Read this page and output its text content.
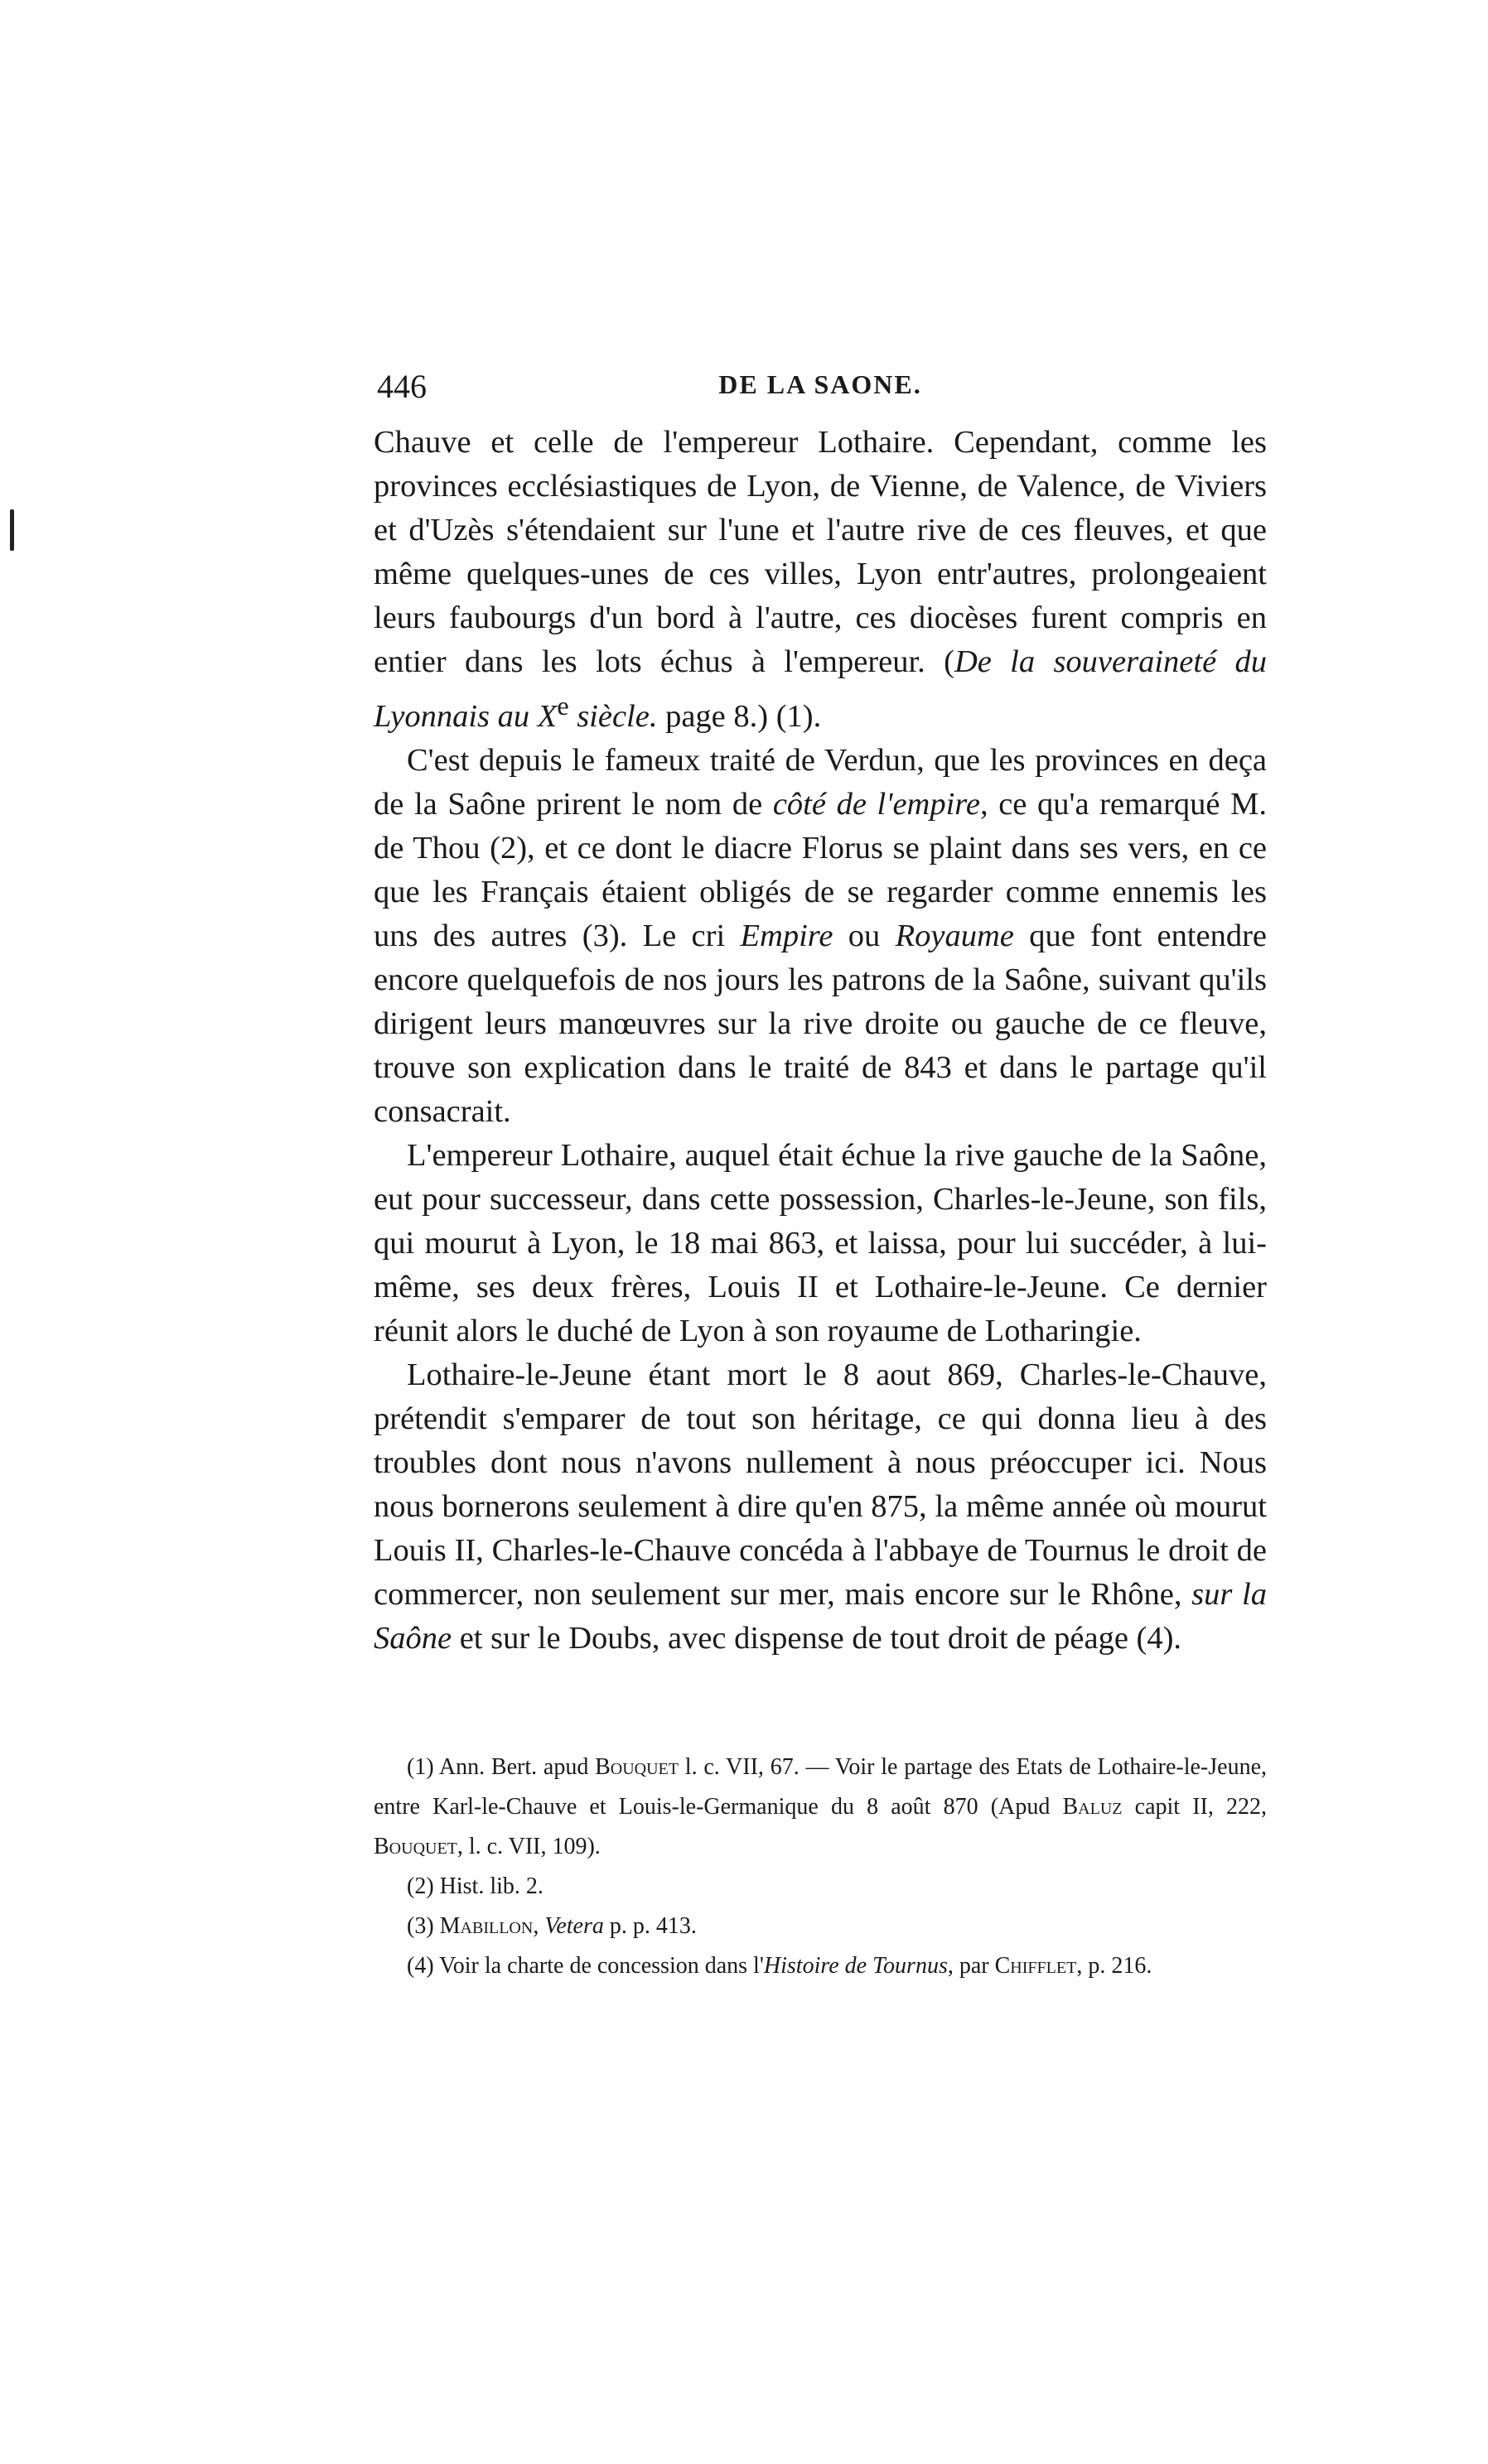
446	DE LA SAONE.

Chauve et celle de l'empereur Lothaire. Cependant, comme les provinces ecclésiastiques de Lyon, de Vienne, de Valence, de Viviers et d'Uzès s'étendaient sur l'une et l'autre rive de ces fleuves, et que même quelques-unes de ces villes, Lyon entr'autres, prolongeaient leurs faubourgs d'un bord à l'autre, ces diocèses furent compris en entier dans les lots échus à l'empereur. (De la souveraineté du Lyonnais au Xe siècle. page 8.) (1).

C'est depuis le fameux traité de Verdun, que les provinces en deça de la Saône prirent le nom de côté de l'empire, ce qu'a remarqué M. de Thou (2), et ce dont le diacre Florus se plaint dans ses vers, en ce que les Français étaient obligés de se regarder comme ennemis les uns des autres (3). Le cri Empire ou Royaume que font entendre encore quelquefois de nos jours les patrons de la Saône, suivant qu'ils dirigent leurs manœuvres sur la rive droite ou gauche de ce fleuve, trouve son explication dans le traité de 843 et dans le partage qu'il consacrait.

L'empereur Lothaire, auquel était échue la rive gauche de la Saône, eut pour successeur, dans cette possession, Charles-le-Jeune, son fils, qui mourut à Lyon, le 18 mai 863, et laissa, pour lui succéder, à lui-même, ses deux frères, Louis II et Lothaire-le-Jeune. Ce dernier réunit alors le duché de Lyon à son royaume de Lotharingie.

Lothaire-le-Jeune étant mort le 8 aout 869, Charles-le-Chauve, prétendit s'emparer de tout son héritage, ce qui donna lieu à des troubles dont nous n'avons nullement à nous préoccuper ici. Nous nous bornerons seulement à dire qu'en 875, la même année où mourut Louis II, Charles-le-Chauve concéda à l'abbaye de Tournus le droit de commercer, non seulement sur mer, mais encore sur le Rhône, sur la Saône et sur le Doubs, avec dispense de tout droit de péage (4).

(1) Ann. Bert. apud Bouquet l. c. VII, 67. — Voir le partage des Etats de Lothaire-le-Jeune, entre Karl-le-Chauve et Louis-le-Germanique du 8 août 870 (Apud Baluz capit II, 222, Bouquet, l. c. VII, 109).

(2) Hist. lib. 2.

(3) Mabillon, Vetera p. p. 413.

(4) Voir la charte de concession dans l'Histoire de Tournus, par Chifflet, p. 216.
